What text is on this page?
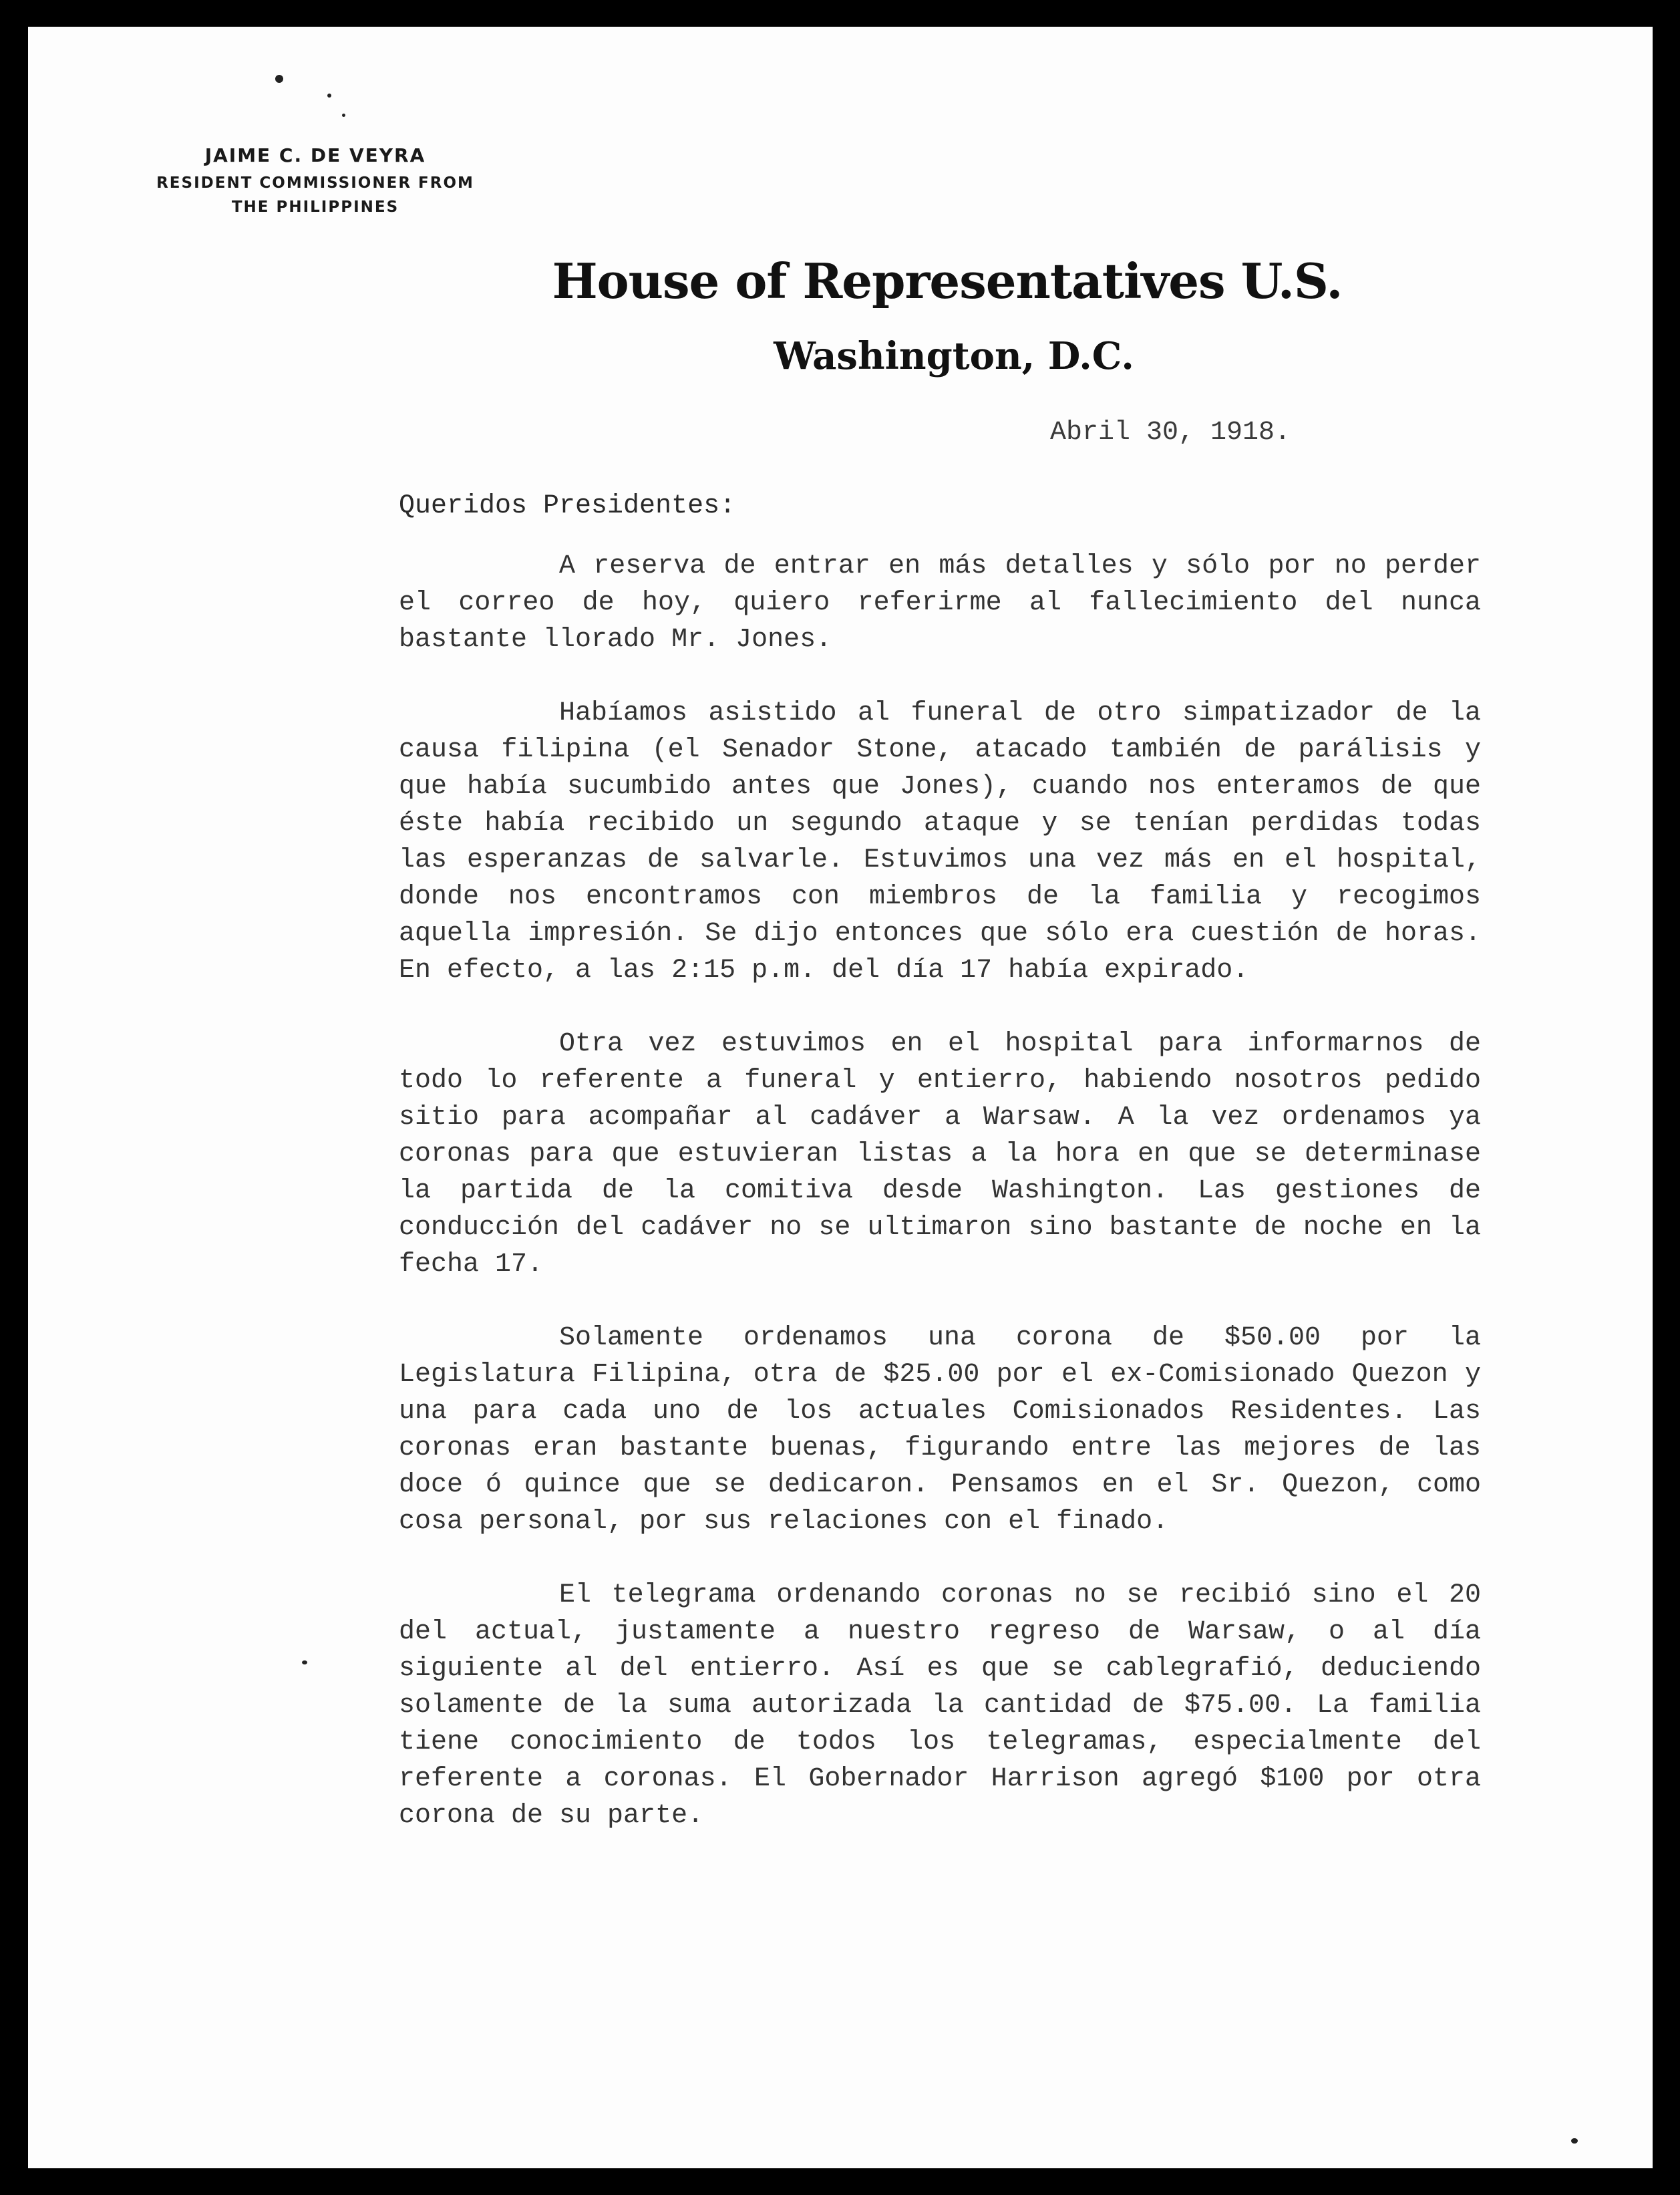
JAIME C. DE VEYRA
RESIDENT COMMISSIONER FROM
THE PHILIPPINES
House of Representatives U.S.
Washington, D.C.
Abril 30, 1918.
Queridos Presidentes:

A reserva de entrar en más detalles y sólo por no perder el correo de hoy, quiero referirme al fallecimiento del nunca bastante llorado Mr. Jones.

Habíamos asistido al funeral de otro simpatizador de la causa filipina (el Senador Stone, atacado también de parálisis y que había sucumbido antes que Jones), cuando nos enteramos de que éste había recibido un segundo ataque y se tenían perdidas todas las esperanzas de salvarle. Estuvimos una vez más en el hospital, donde nos encontramos con miembros de la familia y recogimos aquella impresión. Se dijo entonces que sólo era cuestión de horas. En efecto, a las 2:15 p.m. del día 17 había expirado.

Otra vez estuvimos en el hospital para informarnos de todo lo referente a funeral y entierro, habiendo nosotros pedido sitio para acompañar al cadáver a Warsaw. A la vez ordenamos ya coronas para que estuvieran listas a la hora en que se determinase la partida de la comitiva desde Washington. Las gestiones de conducción del cadáver no se ultimaron sino bastante de noche en la fecha 17.

Solamente ordenamos una corona de $50.00 por la Legislatura Filipina, otra de $25.00 por el ex-Comisionado Quezon y una para cada uno de los actuales Comisionados Residentes. Las coronas eran bastante buenas, figurando entre las mejores de las doce ó quince que se dedicaron. Pensamos en el Sr. Quezon, como cosa personal, por sus relaciones con el finado.

El telegrama ordenando coronas no se recibió sino el 20 del actual, justamente a nuestro regreso de Warsaw, o al día siguiente al del entierro. Así es que se cablegrafió, deduciendo solamente de la suma autorizada la cantidad de $75.00. La familia tiene conocimiento de todos los telegramas, especialmente del referente a coronas. El Gobernador Harrison agregó $100 por otra corona de su parte.
